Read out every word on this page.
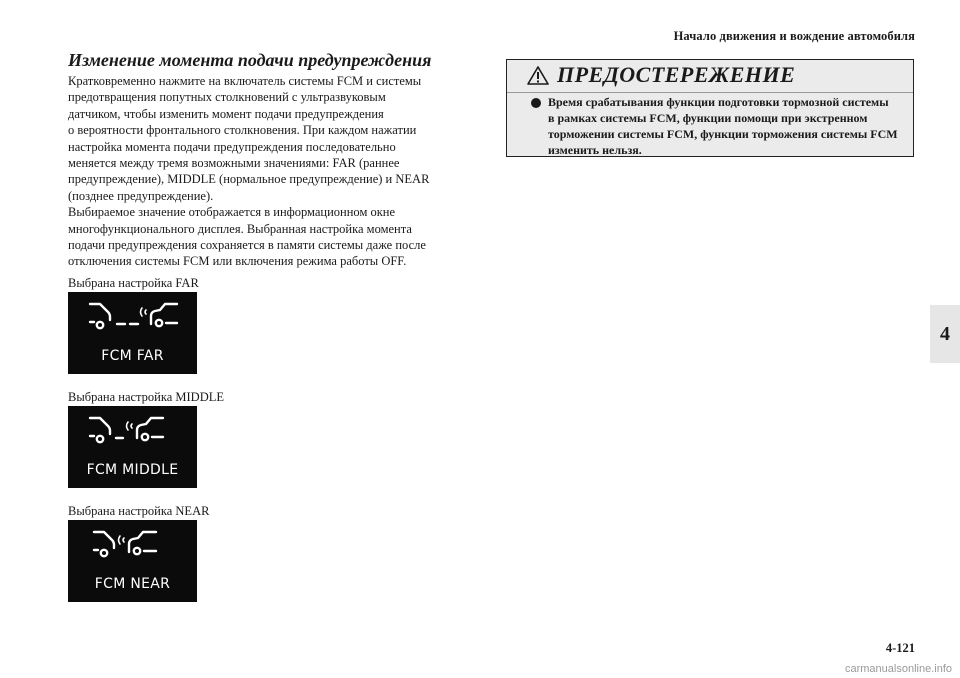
Начало движения и вождение автомобиля
4
Изменение момента подачи предупреждения
Кратковременно нажмите на включатель системы FCM и системы
предотвращения попутных столкновений с ультразвуковым
датчиком, чтобы изменить момент подачи предупреждения
о вероятности фронтального столкновения. При каждом нажатии
настройка момента подачи предупреждения последовательно
меняется между тремя возможными значениями: FAR (раннее
предупреждение), MIDDLE (нормальное предупреждение) и NEAR
(позднее предупреждение).
Выбираемое значение отображается в информационном окне
многофункционального дисплея. Выбранная настройка момента
подачи предупреждения сохраняется в памяти системы даже после
отключения системы FCM или включения режима работы OFF.
Выбрана настройка FAR
FCM FAR
Выбрана настройка MIDDLE
FCM MIDDLE
Выбрана настройка NEAR
FCM NEAR
ПРЕДОСТЕРЕЖЕНИЕ
Время срабатывания функции подготовки тормозной системы
в рамках системы FCM, функции помощи при экстренном
торможении системы FCM, функции торможения системы FCM
изменить нельзя.
4-121
carmanualsonline.info
